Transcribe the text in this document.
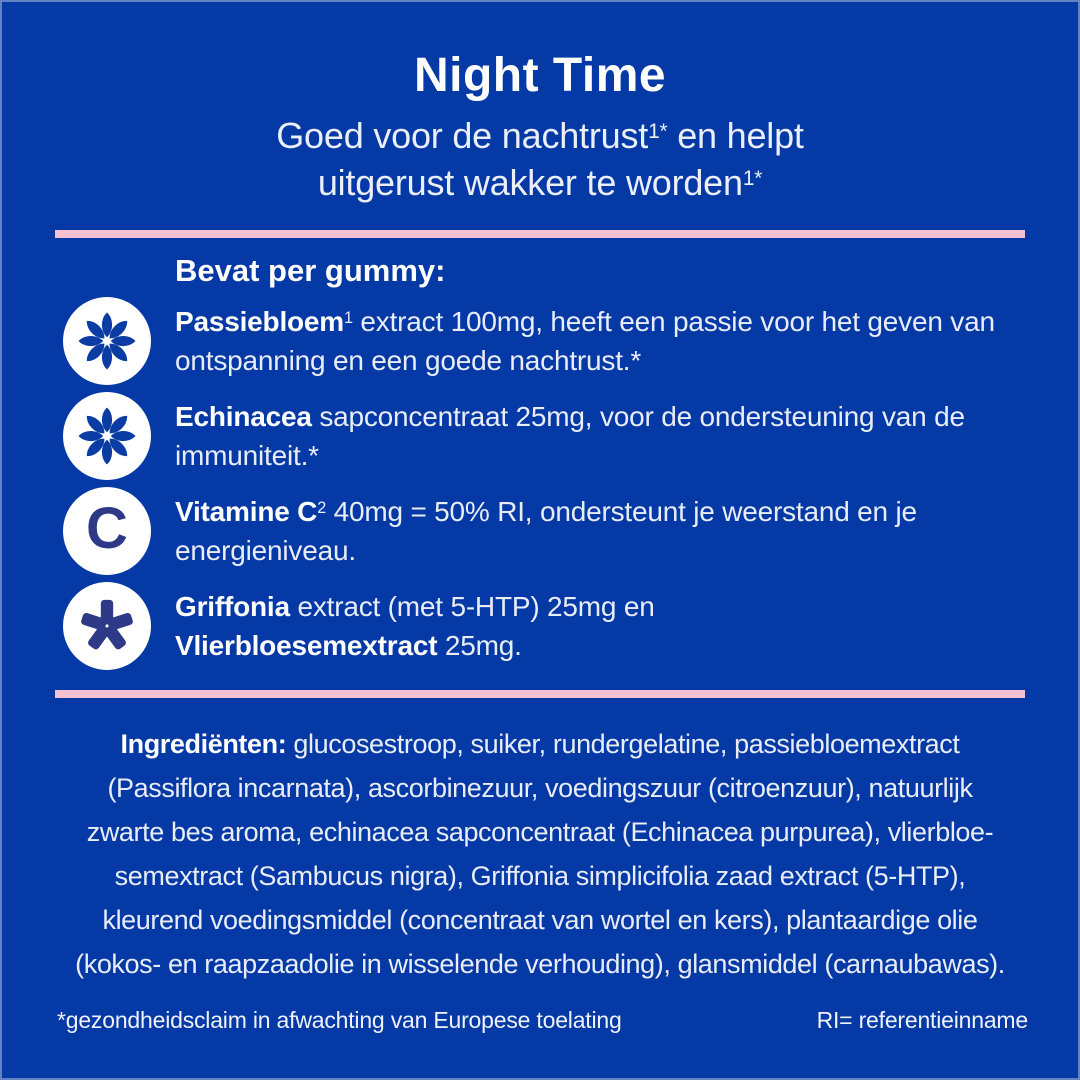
Night Time
Goed voor de nachtrust$^{1*}$ en helpt
uitgerust wakker te worden$^{1*}$
Bevat per gummy:
Passiebloem$^1$ extract 100mg, heeft een passie voor het geven van ontspanning en een goede nachtrust.*
Echinacea sapconcentraat 25mg, voor de ondersteuning van de immuniteit.*
C Vitamine $C^2$ 40mg = 50% RI, ondersteunt je weerstand en je energieniveau.
Griffonia extract (met 5-HTP) 25mg en
Vlierbloesemextract 25mg.
Ingrediënten: glucosestroop, suiker, rundergelatine, passiebloemextract
(Passiflora incarnata), ascorbinezuur, voedingszuur (citroenzuur), natuurlijk
zwarte bes aroma, echinacea sapconcentraat (Echinacea purpurea), vlierbloe-
semextract (Sambucus nigra), Griffonia simplicifolia zaad extract (5-HTP),
kleurend voedingsmiddel (concentraat van wortel en kers), plantaardige olie
(kokos- en raapzaadolie in wisselende verhouding), glansmiddel (carnaubawas).
*gezondheidsclaim in afwachting van Europese toelating	RI= referentieinname
